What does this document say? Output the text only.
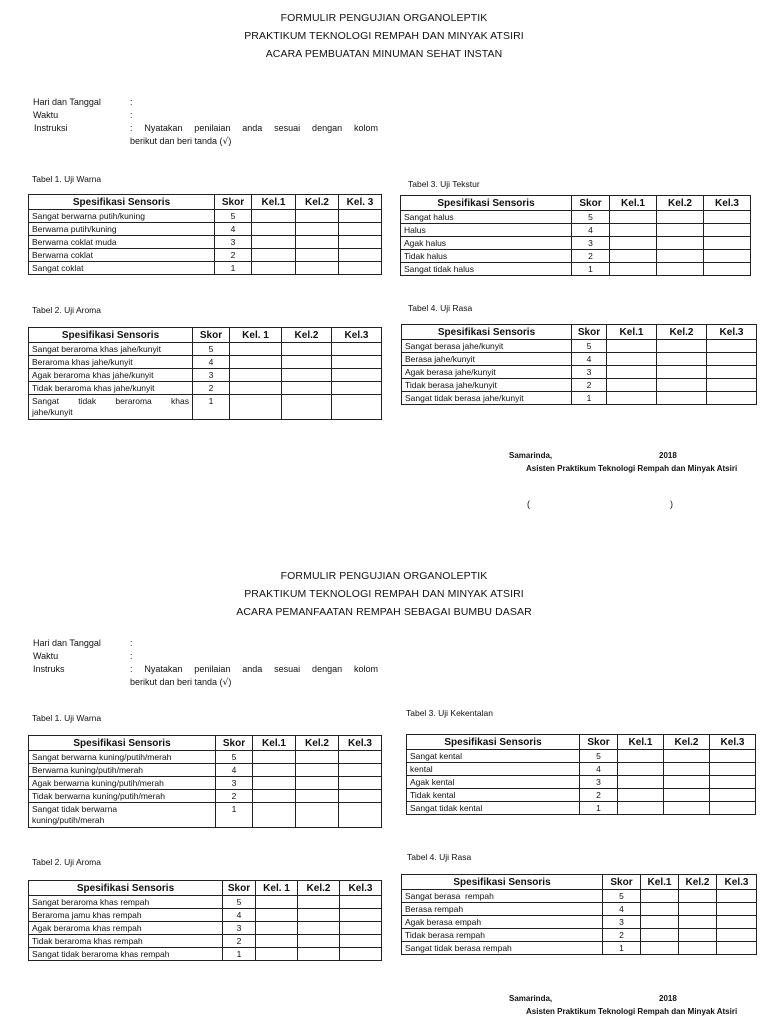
FORMULIR PENGUJIAN ORGANOLEPTIK
PRAKTIKUM TEKNOLOGI REMPAH DAN MINYAK ATSIRI
ACARA PEMBUATAN MINUMAN SEHAT INSTAN
Hari dan Tanggal	:
Waktu	:
Instruksi	: Nyatakan penilaian anda sesuai dengan kolom
berikut dan beri tanda (√)
Tabel 1. Uji Warna
Spesifikasi Sensoris	Skor	Kel.1	Kel.2	Kel. 3
Sangat berwarna putih/kuning	5			
Berwarna putih/kuning	4			
Berwarna coklat muda	3			
Berwarna coklat	2			
Sangat coklat	1			
Tabel 2. Uji Aroma
Spesifikasi Sensoris	Skor	Kel. 1	Kel.2	Kel.3
Sangat beraroma khas jahe/kunyit	5			
Beraroma khas jahe/kunyit	4			
Agak beraroma khas jahe/kunyit	3			
Tidak beraroma khas jahe/kunyit	2			

Sangat tidak beraroma khas
jahe/kunyit	1			
Tabel 3. Uji Tekstur
Spesifikasi Sensoris	Skor	Kel.1	Kel.2	Kel.3
Sangat halus	5			
Halus	4			
Agak halus	3			
Tidak halus	2			
Sangat tidak halus	1			
Tabel 4. Uji Rasa
Spesifikasi Sensoris	Skor	Kel.1	Kel.2	Kel.3
Sangat berasa jahe/kunyit	5			
Berasa jahe/kunyit	4			
Agak berasa jahe/kunyit	3			
Tidak berasa jahe/kunyit	2			
Sangat tidak berasa jahe/kunyit	1			
Samarinda,	2018
Asisten Praktikum Teknologi Rempah dan Minyak Atsiri
(	)
FORMULIR PENGUJIAN ORGANOLEPTIK
PRAKTIKUM TEKNOLOGI REMPAH DAN MINYAK ATSIRI
ACARA PEMANFAATAN REMPAH SEBAGAI BUMBU DASAR
Hari dan Tanggal	:
Waktu	:
Instruks	: Nyatakan penilaian anda sesuai dengan kolom
berikut dan beri tanda (√)
Tabel 1. Uji Warna
Spesifikasi Sensoris	Skor	Kel.1	Kel.2	Kel.3
Sangat berwarna kuning/putih/merah	5			
Berwarna kuning/putih/merah	4			
Agak berwarna kuning/putih/merah	3			
Tidak berwarna kuning/putih/merah	2			

Sangat tidak berwarna
kuning/putih/merah	1			
Tabel 2. Uji Aroma
Spesifikasi Sensoris	Skor	Kel. 1	Kel.2	Kel.3
Sangat beraroma khas rempah	5			
Beraroma jamu khas rempah	4			
Agak beraroma khas rempah	3			
Tidak beraroma khas rempah	2			
Sangat tidak beraroma khas rempah	1			
Tabel 3. Uji Kekentalan
Spesifikasi Sensoris	Skor	Kel.1	Kel.2	Kel.3
Sangat kental	5			
kental	4			
Agak kental	3			
Tidak kental	2			
Sangat tidak kental	1			
Tabel 4. Uji Rasa
Spesifikasi Sensoris	Skor	Kel.1	Kel.2	Kel.3
Sangat berasa  rempah	5			
Berasa rempah	4			
Agak berasa empah	3			
Tidak berasa rempah	2			
Sangat tidak berasa rempah	1			
Samarinda,	2018
Asisten Praktikum Teknologi Rempah dan Minyak Atsiri
